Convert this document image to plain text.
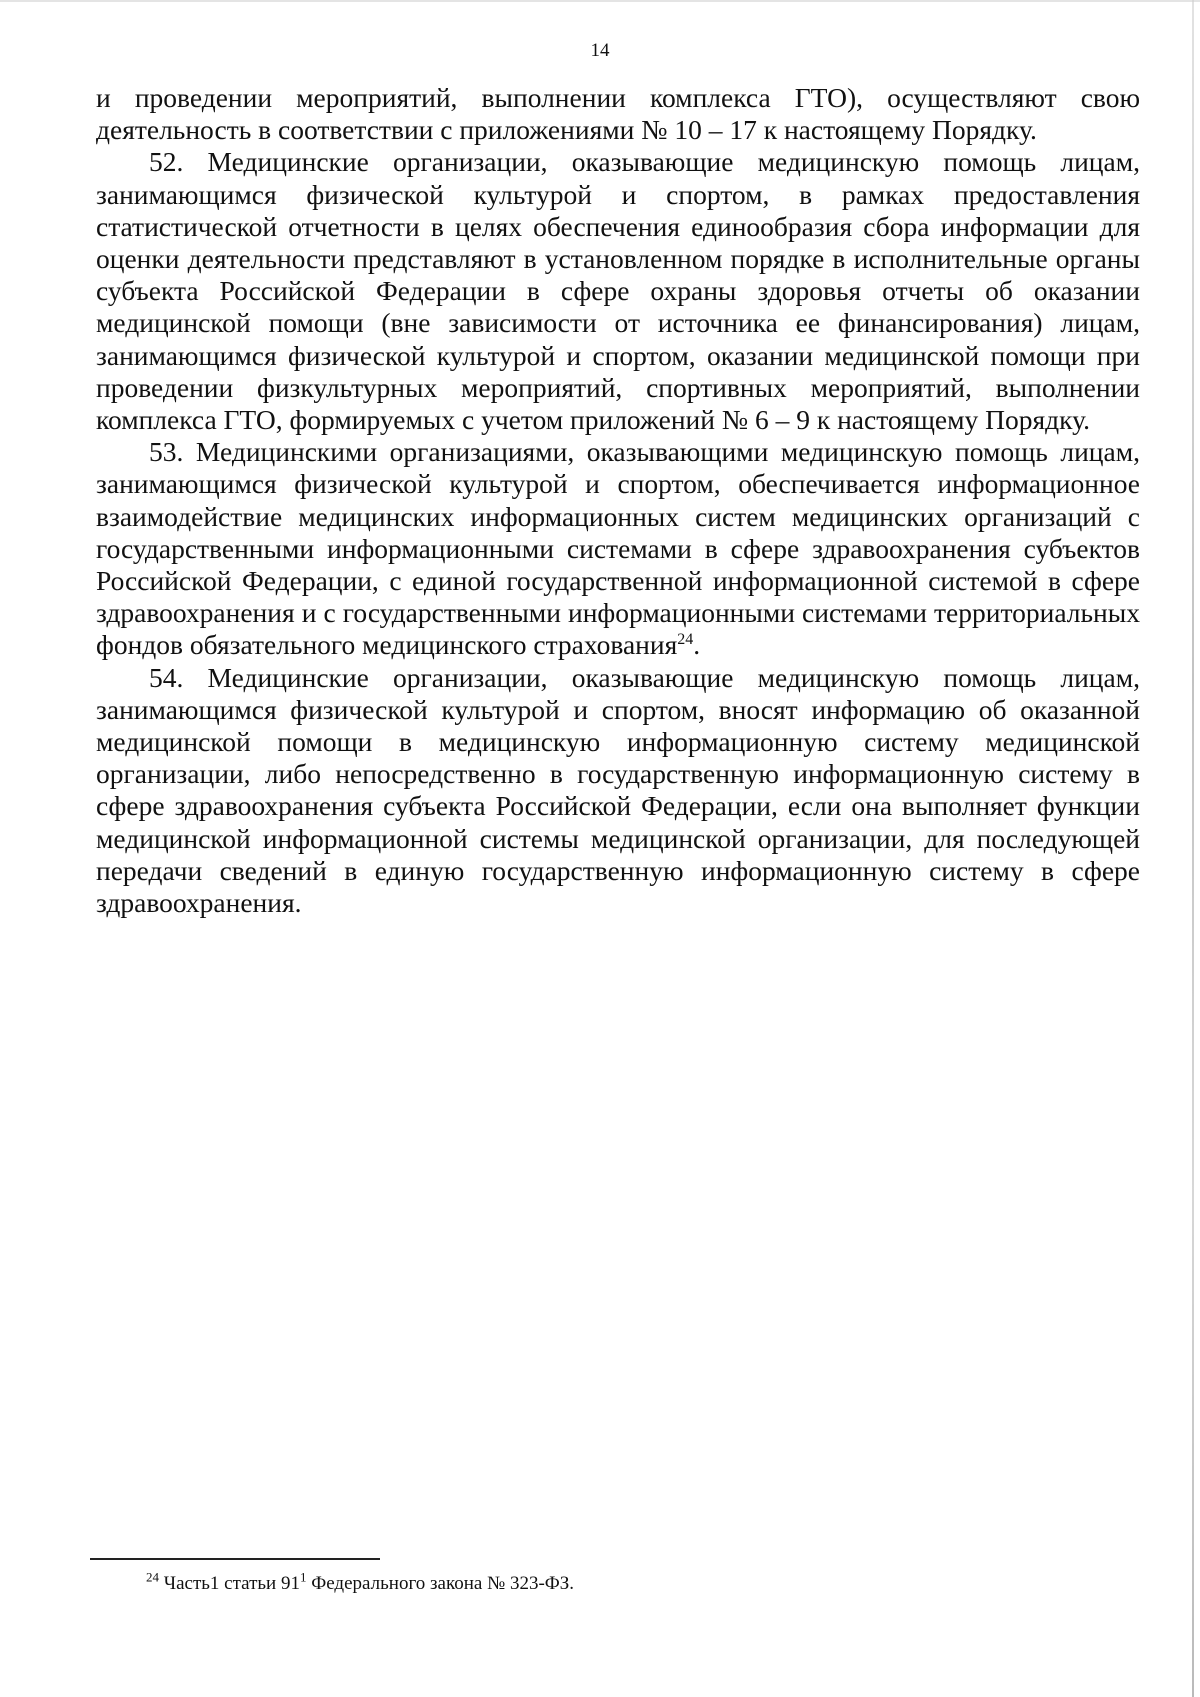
14

и проведении мероприятий, выполнении комплекса ГТО), осуществляют свою деятельность в соответствии с приложениями № 10 – 17 к настоящему Порядку.

52. Медицинские организации, оказывающие медицинскую помощь лицам, занимающимся физической культурой и спортом, в рамках предоставления статистической отчетности в целях обеспечения единообразия сбора информации для оценки деятельности представляют в установленном порядке в исполнительные органы субъекта Российской Федерации в сфере охраны здоровья отчеты об оказании медицинской помощи (вне зависимости от источника ее финансирования) лицам, занимающимся физической культурой и спортом, оказании медицинской помощи при проведении физкультурных мероприятий, спортивных мероприятий, выполнении комплекса ГТО, формируемых с учетом приложений № 6 – 9 к настоящему Порядку.

53. Медицинскими организациями, оказывающими медицинскую помощь лицам, занимающимся физической культурой и спортом, обеспечивается информационное взаимодействие медицинских информационных систем медицинских организаций с государственными информационными системами в сфере здравоохранения субъектов Российской Федерации, с единой государственной информационной системой в сфере здравоохранения и с государственными информационными системами территориальных фондов обязательного медицинского страхования$^{24}$.

54. Медицинские организации, оказывающие медицинскую помощь лицам, занимающимся физической культурой и спортом, вносят информацию об оказанной медицинской помощи в медицинскую информационную систему медицинской организации, либо непосредственно в государственную информационную систему в сфере здравоохранения субъекта Российской Федерации, если она выполняет функции медицинской информационной системы медицинской организации, для последующей передачи сведений в единую государственную информационную систему в сфере здравоохранения.

$^{24}$ Часть1 статьи $91^1$ Федерального закона № 323-ФЗ.
